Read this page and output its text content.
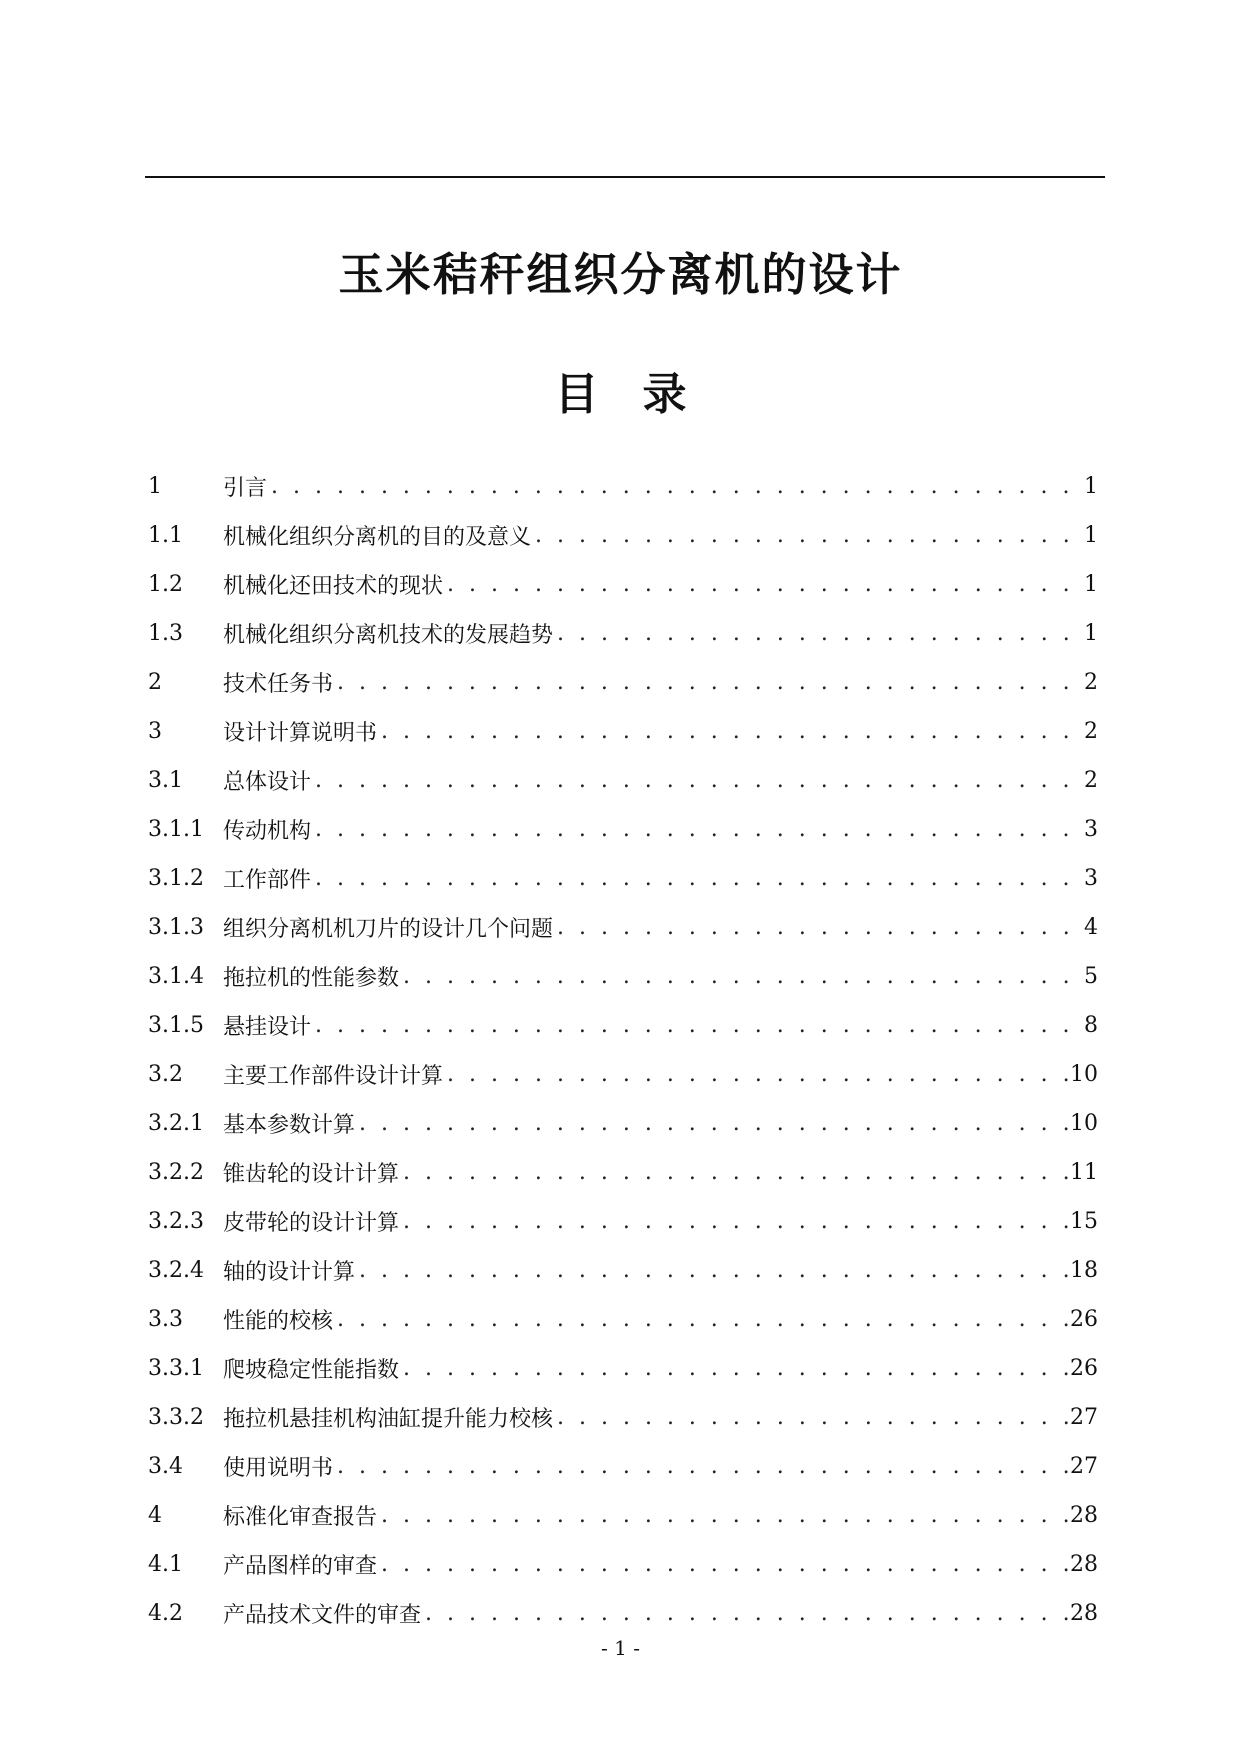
玉米秸秆组织分离机的设计
目　录
1	引言 . . .	1
1.1	机械化组织分离机的目的及意义 . . .	1
1.2	机械化还田技术的现状 . . .	1
1.3	机械化组织分离机技术的发展趋势 . . .	1
2	技术任务书 . . .	2
3	设计计算说明书 . . .	2
3.1	总体设计 . . .	2
3.1.1 传动机构 . . .	3
3.1.2 工作部件 . . .	3
3.1.3 组织分离机机刀片的设计几个问题 . . .	4
3.1.4 拖拉机的性能参数 . . .	5
3.1.5 悬挂设计 . . .	8
3.2	主要工作部件设计计算 . . .	10
3.2.1 基本参数计算 . . .	10
3.2.2 锥齿轮的设计计算 . . .	11
3.2.3 皮带轮的设计计算 . . .	15
3.2.4 轴的设计计算 . . .	18
3.3	性能的校核 . . .	26
3.3.1 爬坡稳定性能指数 . . .	26
3.3.2 拖拉机悬挂机构油缸提升能力校核 . . .	27
3.4	使用说明书 . . .	27
4	标准化审查报告 . . .	28
4.1	产品图样的审查 . . .	28
4.2	产品技术文件的审查 . . .	28
- 1 -
